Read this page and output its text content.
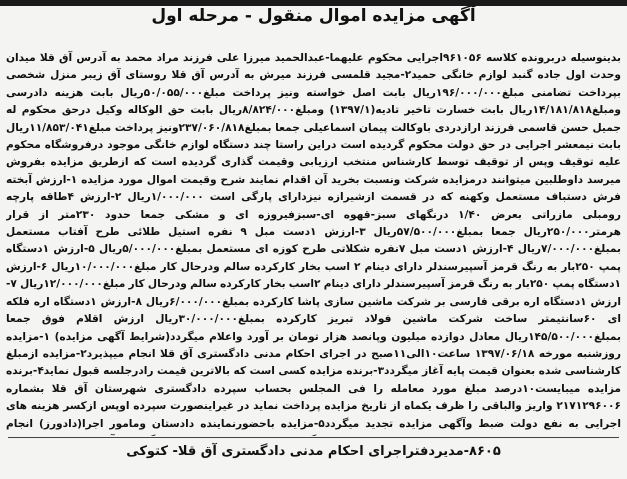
آگهی مزایده اموال منقول - مرحله اول

بدینوسیله دربرونده کلاسه ۹۶۱۰۵۶اجرایی محکوم علیهما-عبدالحمید میرزا علی فرزند مراد محمد به آدرس آق قلا میدان وحدت اول جاده گنبد لوازم خانگی حمید۲-مجید قلمسی فرزند میرش به آدرس آق قلا روستای آق زیبر منزل شخصی بپرداخت تضامنی مبلغ۱۹۶/۰۰۰/۰۰۰ریال بابت اصل خواسته ونیز پرداخت مبلغ۵۰/۰۵۵/۰۰۰ریال بابت هزینه دادرسی ومبلغ۱۴/۱۸۱/۸۱۸ریال بابت خسارت تاخیر تادیه(۱۳۹۷/۱) ومبلغ۸/۸۲۴/۰۰۰ریال بابت حق الوکاله وکیل درحق محکوم له جمیل حسن قاسمی فرزند ارازدردی باوکالت پیمان اسماعیلی جمعا بمبلغ۲۳۷/۰۶۰/۸۱۸ونیز پرداخت مبلغ۱۱/۸۵۳/۰۴۱ریال بابت نیمعشر اجرایی در حق دولت محکوم گردیده است دراین راستا چند دستگاه لوازم خانگی موجود درفروشگاه محکوم علیه توقیف وپس از توقیف توسط کارشناس منتخب ارزیابی وقیمت گذاری گردیده است که ازطریق مزایده بفروش میرسد داوطلبین میتوانند درمزایده شرکت ونسبت بخرید آن اقدام نمایند شرح وقیمت اموال مورد مزایده ۱-ارزش آبخته فرش دستباف مستعمل وکهنه که در قسمت ازشیرازه نیزدارای پارگی است ۱/۰۰۰/۰۰۰ریال ۲-ارزش ۴طاقه پارچه رومبلی مازراتی بعرض ۱/۴۰ درنگهای سبز-قهوه ای-سبزفیروزه ای و مشکی جمعا حدود ۲۳۰متر از قرار هرمتر۲۵۰/۰۰۰ریال جمعا بمبلغ۵۷/۵۰۰/۰۰۰ریال ۳-ارزش ۱دست مبل ۹ نفره استیل طلائی طرح آفتاب مستعمل بمبلغ۷/۰۰۰/۰۰۰ریال ۴-ارزش ۱دست مبل ۷نفره شکلاتی طرح کوزه ای مستعمل بمبلغ۵/۰۰۰/۰۰۰ریال ۵-ارزش ۱دستگاه پمپ ۲۵۰بار به رنگ قرمز آسپیرسندلر دارای دینام ۲ اسب بخار کارکرده سالم ودرحال کار مبلغ۱۰/۰۰۰/۰۰۰ریال ۶-ارزش ۱دستگاه پمپ ۲۵۰بار به رنگ قرمز آسپیرسندلر دارای دینام ۲اسب بخار کارکرده سالم ودرحال کار مبلغ۱۲/۰۰۰/۰۰۰ریال ۷-ارزش ۱دستگاه اره برقی فارسی بر شرکت ماشین سازی پاشا کارکرده بمبلغ۶/۰۰۰/۰۰۰ریال ۸-ارزش ۱دستگاه اره فلکه ای ۶۰سانتیمتر ساخت شرکت ماشین فولاد تبریز کارکرده بمبلغ۳۰/۰۰۰/۰۰۰ریال ارزش اقلام فوق جمعا بمبلغ۱۴۵/۵۰۰/۰۰۰ریال معادل دوازده میلیون وپانصد هزار تومان بر آورد واعلام میگردد(شرایط آگهی مزایده) ۱-مزایده روزشنبه مورخه ۱۳۹۷/۰۶/۱۸ ساعت۱۰الی۱۱صبح در اجرای احکام مدنی دادگستری آق قلا انجام میپذیرد۲-مزایده ازمبلغ کارشناسی شده بعنوان قیمت پایه آغاز میگردد۳-برنده مزایده کسی است که بالاترین قیمت رادرجلسه قبول نماید۴-برنده مزایده میبایست۱۰درصد مبلغ مورد معامله را فی المجلس بحساب سپرده دادگستری شهرستان آق قلا بشماره ۲۱۷۱۲۹۶۰۰۶ واریز والباقی را ظرف یکماه از تاریخ مزایده پرداخت نماید در غیراینصورت سپرده اوپس ازکسر هزینه های اجرایی به نفع دولت ضبط وآگهی مزایده تجدید میگردد۵-مزایده باحضورنماینده دادستان ومامور اجرا(دادورز) انجام

۸۶۰۵-مدیردفتراجرای احکام مدنی دادگستری آق قلا- کتوکی
